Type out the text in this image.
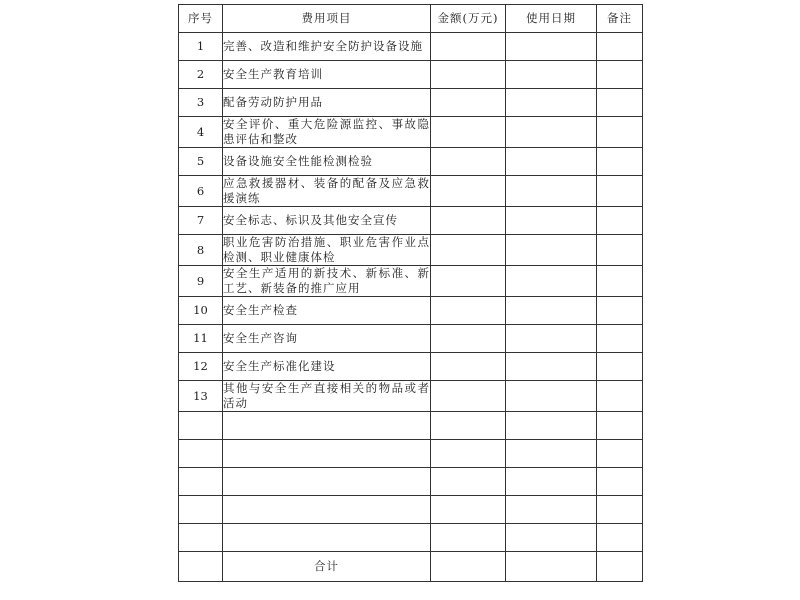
序号	费用项目	金额(万元)	使用日期	备注
1	完善、改造和维护安全防护设备设施			
2	安全生产教育培训			
3	配备劳动防护用品			
4	安全评价、重大危险源监控、事故隐患评估和整改			
5	设备设施安全性能检测检验			
6	应急救援器材、装备的配备及应急救援演练			
7	安全标志、标识及其他安全宣传			
8	职业危害防治措施、职业危害作业点检测、职业健康体检			
9	安全生产适用的新技术、新标准、新工艺、新装备的推广应用			
10	安全生产检查			
11	安全生产咨询			
12	安全生产标准化建设			
13	其他与安全生产直接相关的物品或者活动			

	合计			
